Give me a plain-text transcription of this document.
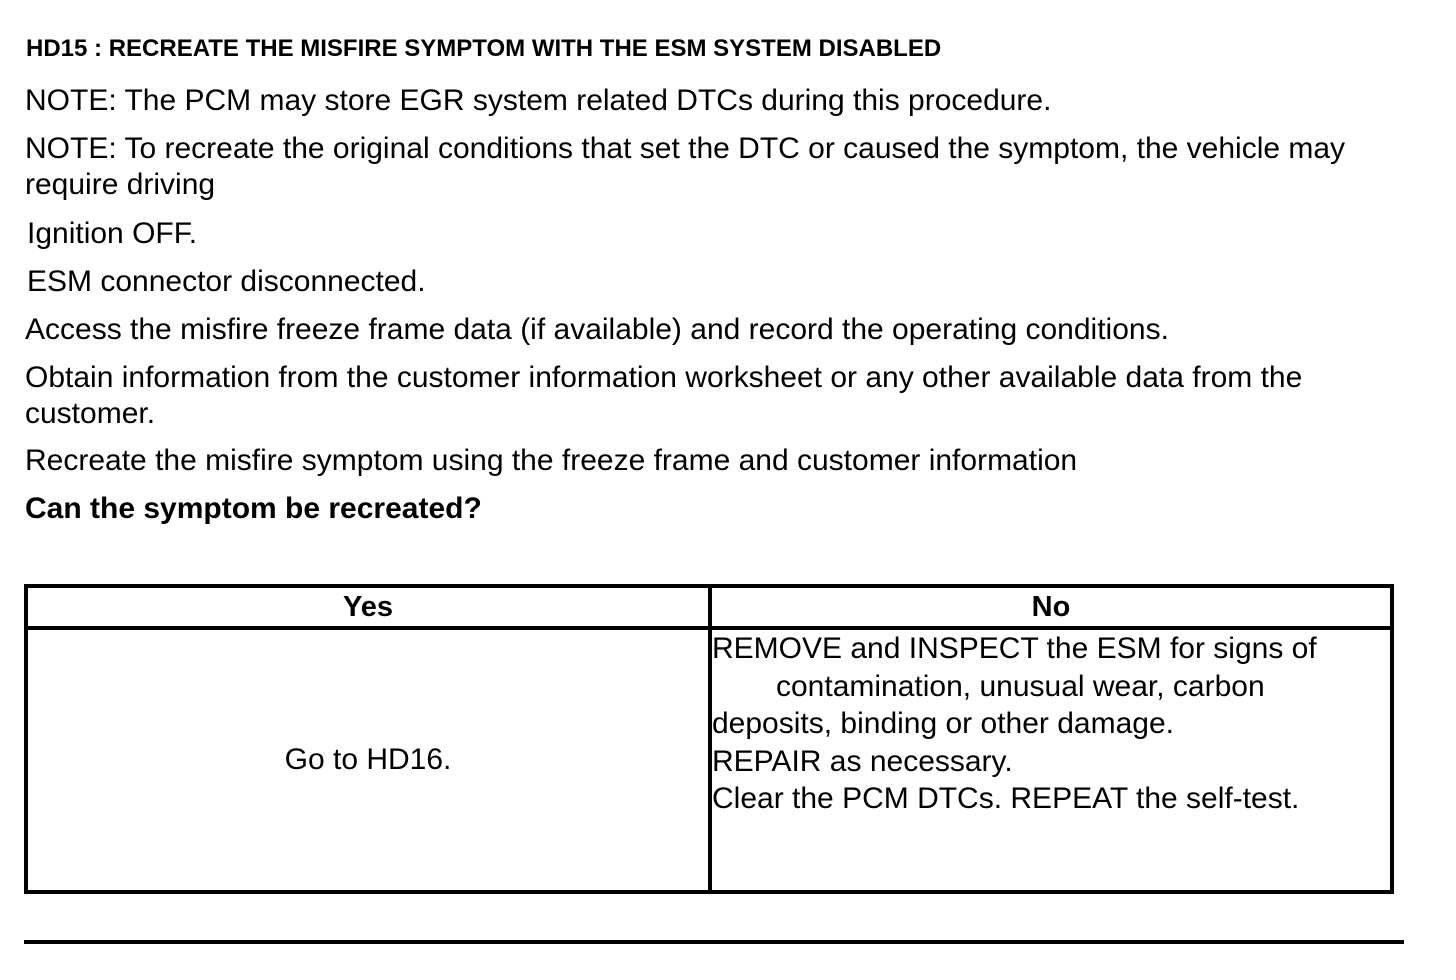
HD15 : RECREATE THE MISFIRE SYMPTOM WITH THE ESM SYSTEM DISABLED
NOTE: The PCM may store EGR system related DTCs during this procedure.
NOTE: To recreate the original conditions that set the DTC or caused the symptom, the vehicle may require driving
Ignition OFF.
ESM connector disconnected.
Access the misfire freeze frame data (if available) and record the operating conditions.
Obtain information from the customer information worksheet or any other available data from the customer.
Recreate the misfire symptom using the freeze frame and customer information
Can the symptom be recreated?
Yes	No
Go to HD16.	REMOVE and INSPECT the ESM for signs of
contamination, unusual wear, carbon
deposits, binding or other damage.
REPAIR as necessary.
Clear the PCM DTCs. REPEAT the self-test.
